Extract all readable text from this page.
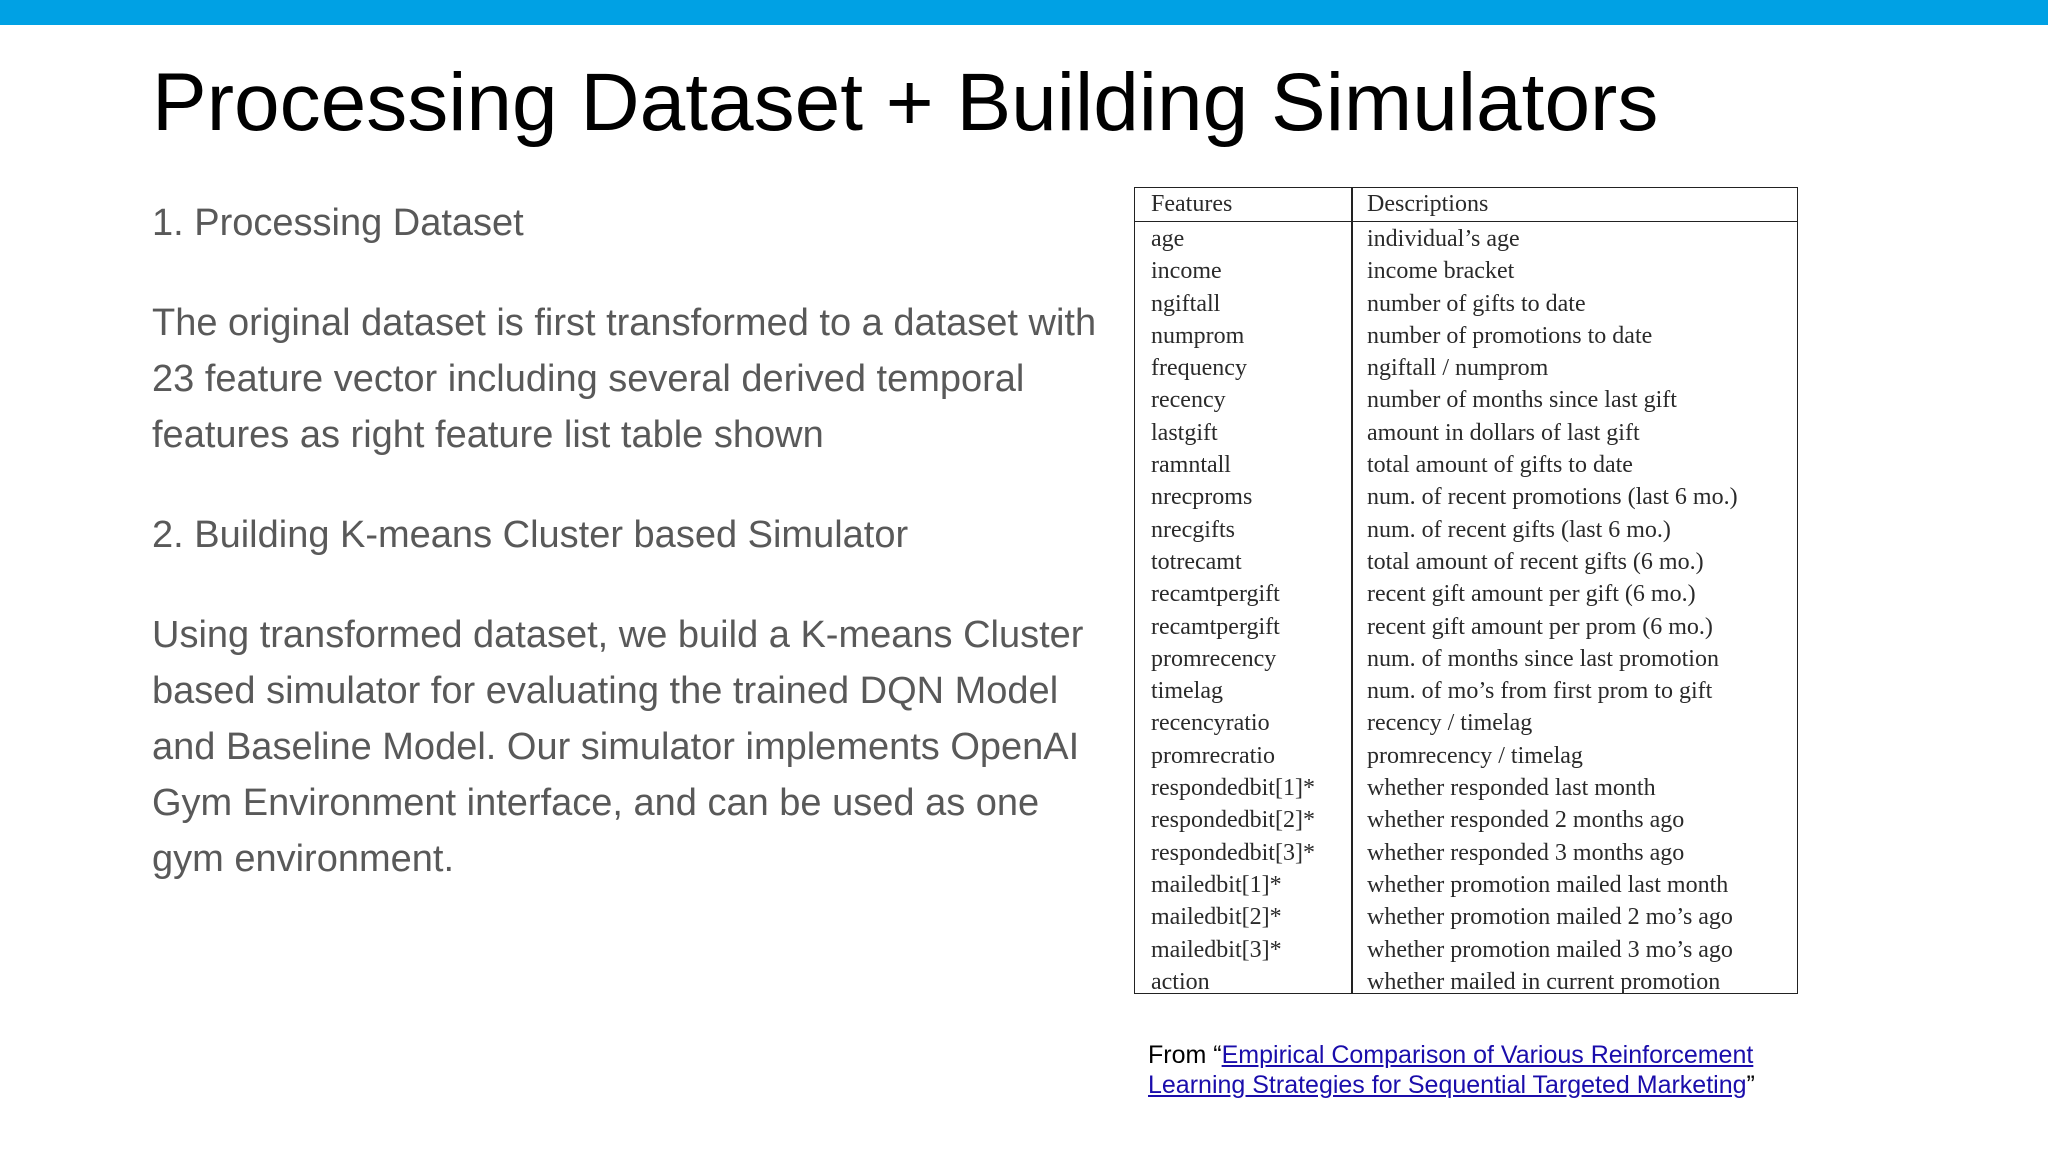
Processing Dataset + Building Simulators

1. Processing Dataset

The original dataset is first transformed to a dataset with 23 feature vector including several derived temporal features as right feature list table shown

2. Building K-means Cluster based Simulator

Using transformed dataset, we build a K-means Cluster based simulator for evaluating the trained DQN Model and Baseline Model. Our simulator implements OpenAI Gym Environment interface, and can be used as one gym environment.

Features	Descriptions
age	individual’s age
income	income bracket
ngiftall	number of gifts to date
numprom	number of promotions to date
frequency	ngiftall / numprom
recency	number of months since last gift
lastgift	amount in dollars of last gift
ramntall	total amount of gifts to date
nrecproms	num. of recent promotions (last 6 mo.)
nrecgifts	num. of recent gifts (last 6 mo.)
totrecamt	total amount of recent gifts (6 mo.)
recamtpergift	recent gift amount per gift (6 mo.)
recamtpergift	recent gift amount per prom (6 mo.)
promrecency	num. of months since last promotion
timelag	num. of mo’s from first prom to gift
recencyratio	recency / timelag
promrecratio	promrecency / timelag
respondedbit[1]* whether responded last month
respondedbit[2]* whether responded 2 months ago
respondedbit[3]* whether responded 3 months ago
mailedbit[1]*	whether promotion mailed last month
mailedbit[2]*	whether promotion mailed 2 mo’s ago
mailedbit[3]*	whether promotion mailed 3 mo’s ago
action	whether mailed in current promotion
From “Empirical Comparison of Various Reinforcement Learning Strategies for Sequential Targeted Marketing”
